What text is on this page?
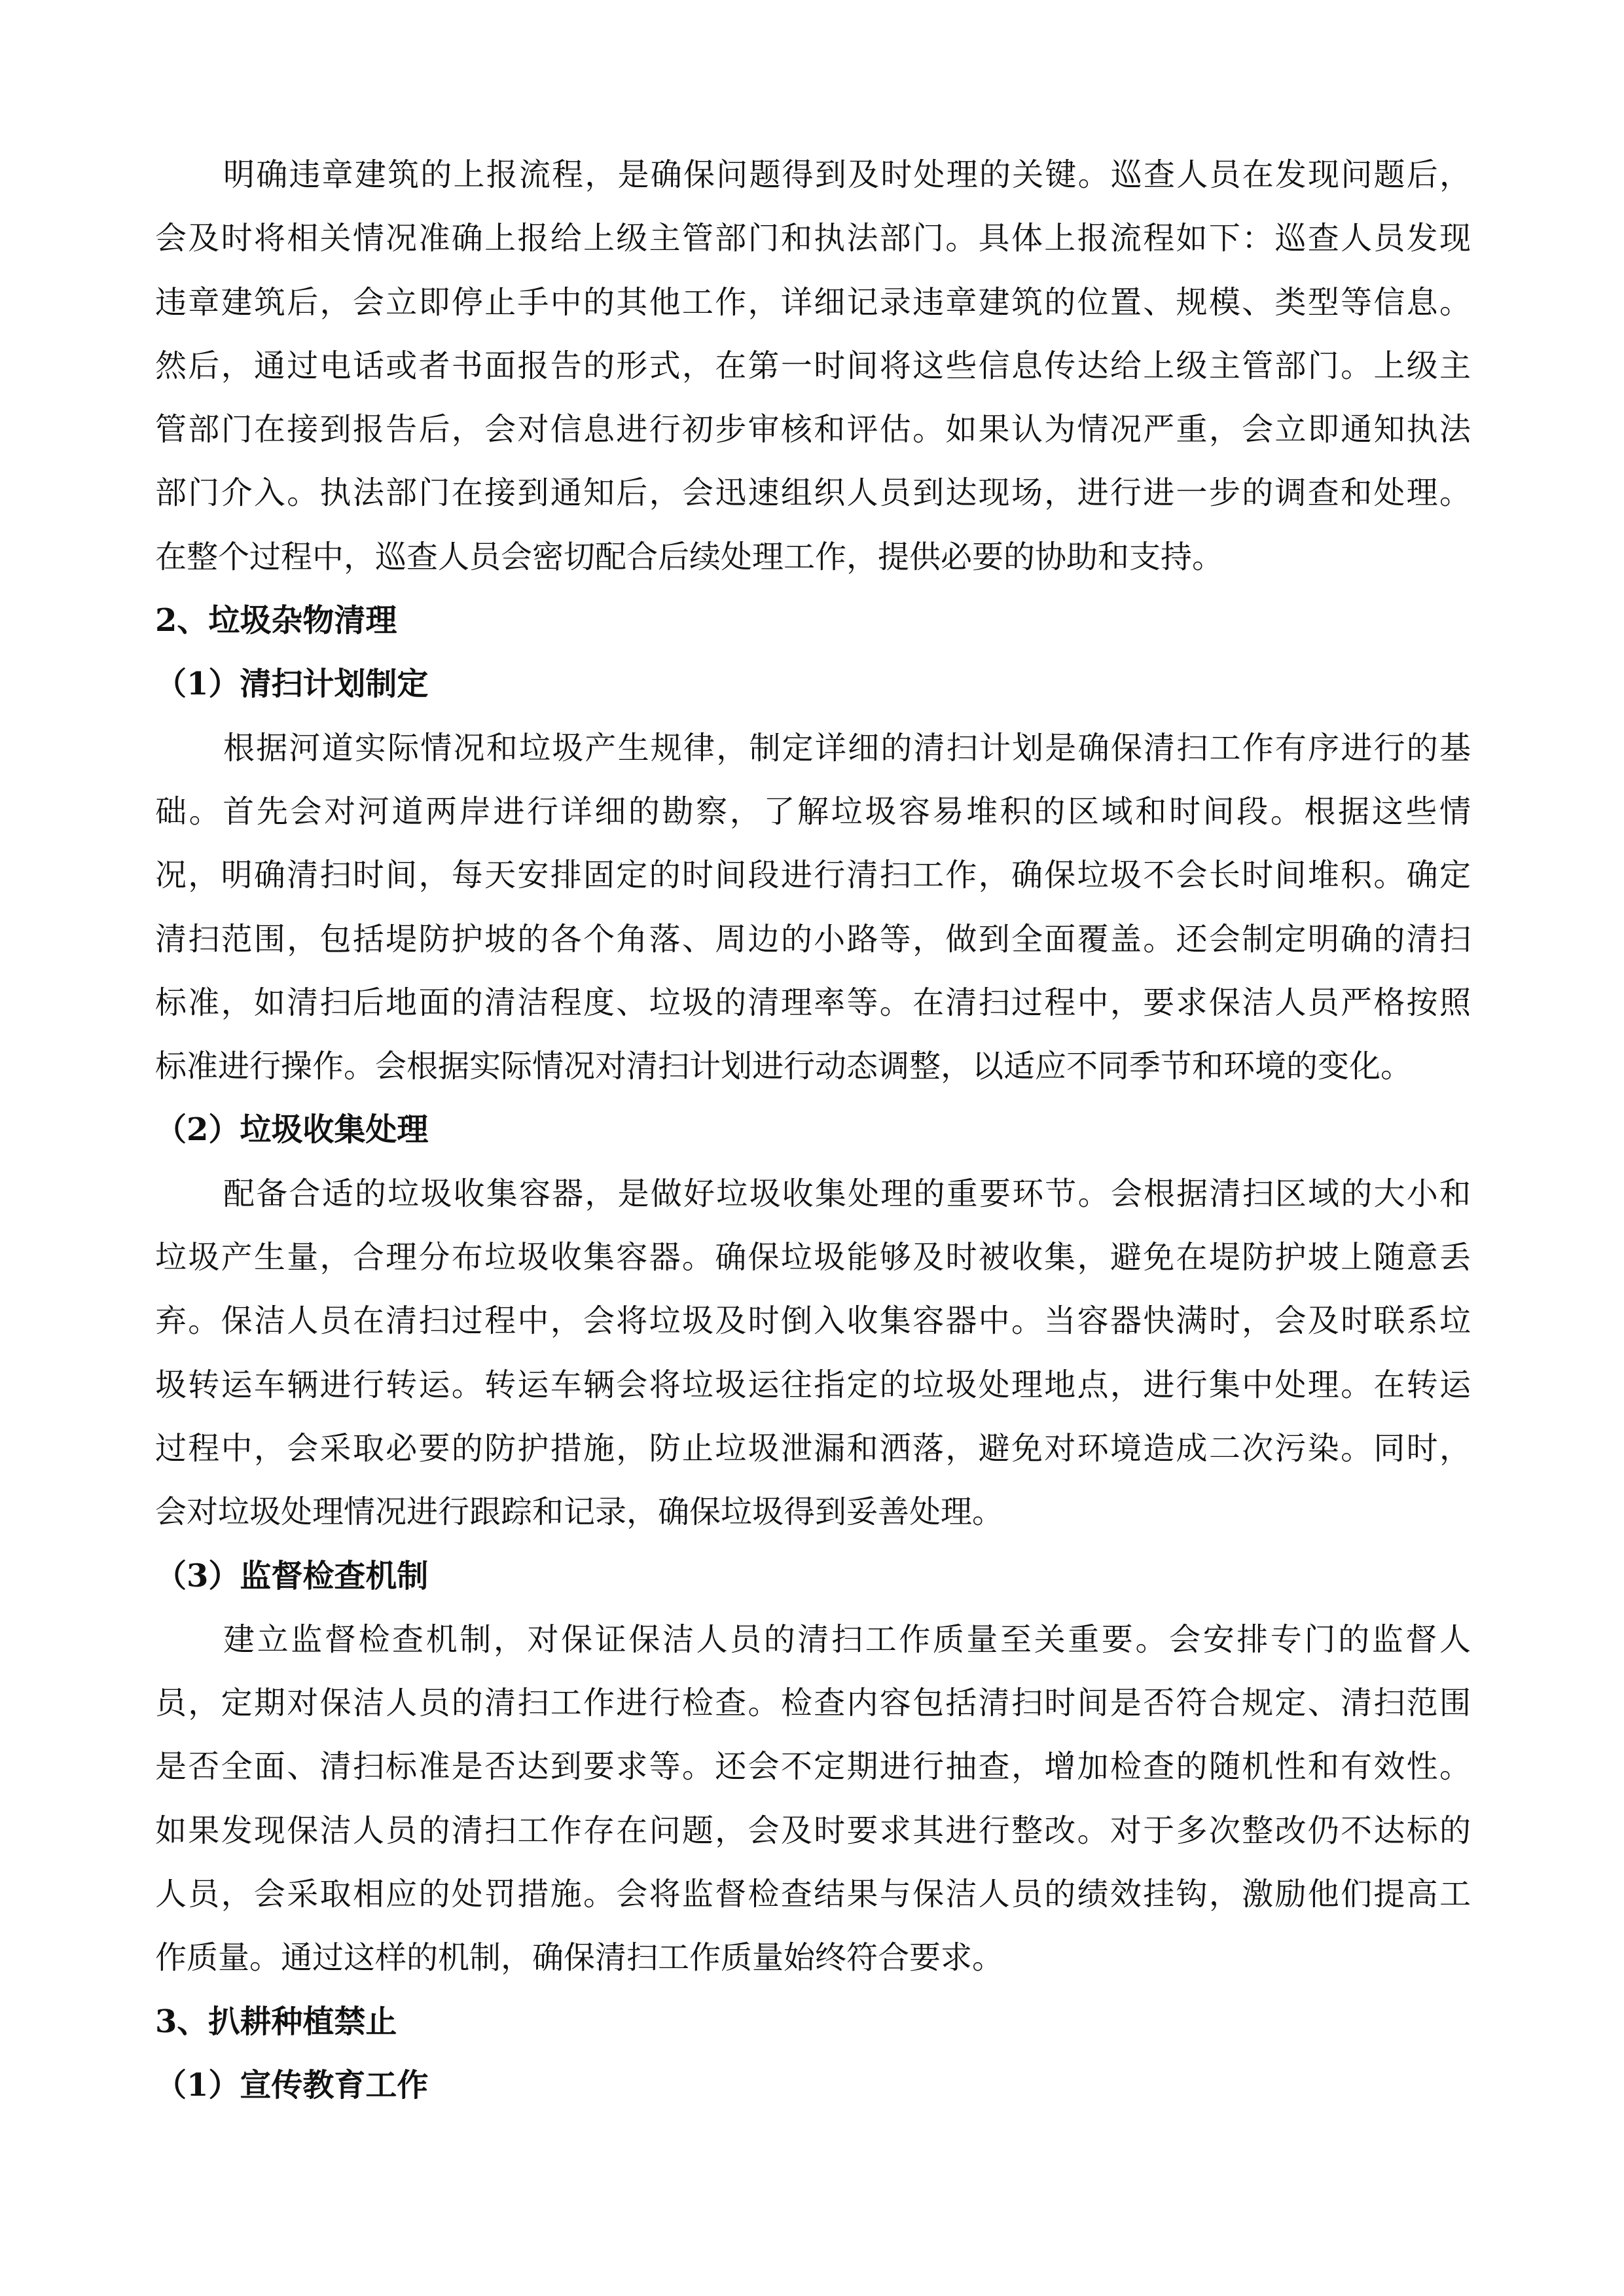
明确违章建筑的上报流程，是确保问题得到及时处理的关键。巡查人员在发现问题后，
会及时将相关情况准确上报给上级主管部门和执法部门。具体上报流程如下：巡查人员发现
违章建筑后，会立即停止手中的其他工作，详细记录违章建筑的位置、规模、类型等信息。
然后，通过电话或者书面报告的形式，在第一时间将这些信息传达给上级主管部门。上级主
管部门在接到报告后，会对信息进行初步审核和评估。如果认为情况严重，会立即通知执法
部门介入。执法部门在接到通知后，会迅速组织人员到达现场，进行进一步的调查和处理。
在整个过程中，巡查人员会密切配合后续处理工作，提供必要的协助和支持。
2、垃圾杂物清理
（1）清扫计划制定
根据河道实际情况和垃圾产生规律，制定详细的清扫计划是确保清扫工作有序进行的基
础。首先会对河道两岸进行详细的勘察，了解垃圾容易堆积的区域和时间段。根据这些情
况，明确清扫时间，每天安排固定的时间段进行清扫工作，确保垃圾不会长时间堆积。确定
清扫范围，包括堤防护坡的各个角落、周边的小路等，做到全面覆盖。还会制定明确的清扫
标准，如清扫后地面的清洁程度、垃圾的清理率等。在清扫过程中，要求保洁人员严格按照
标准进行操作。会根据实际情况对清扫计划进行动态调整，以适应不同季节和环境的变化。
（2）垃圾收集处理
配备合适的垃圾收集容器，是做好垃圾收集处理的重要环节。会根据清扫区域的大小和
垃圾产生量，合理分布垃圾收集容器。确保垃圾能够及时被收集，避免在堤防护坡上随意丢
弃。保洁人员在清扫过程中，会将垃圾及时倒入收集容器中。当容器快满时，会及时联系垃
圾转运车辆进行转运。转运车辆会将垃圾运往指定的垃圾处理地点，进行集中处理。在转运
过程中，会采取必要的防护措施，防止垃圾泄漏和洒落，避免对环境造成二次污染。同时，
会对垃圾处理情况进行跟踪和记录，确保垃圾得到妥善处理。
（3）监督检查机制
建立监督检查机制，对保证保洁人员的清扫工作质量至关重要。会安排专门的监督人
员，定期对保洁人员的清扫工作进行检查。检查内容包括清扫时间是否符合规定、清扫范围
是否全面、清扫标准是否达到要求等。还会不定期进行抽查，增加检查的随机性和有效性。
如果发现保洁人员的清扫工作存在问题，会及时要求其进行整改。对于多次整改仍不达标的
人员，会采取相应的处罚措施。会将监督检查结果与保洁人员的绩效挂钩，激励他们提高工
作质量。通过这样的机制，确保清扫工作质量始终符合要求。
3、扒耕种植禁止
（1）宣传教育工作
